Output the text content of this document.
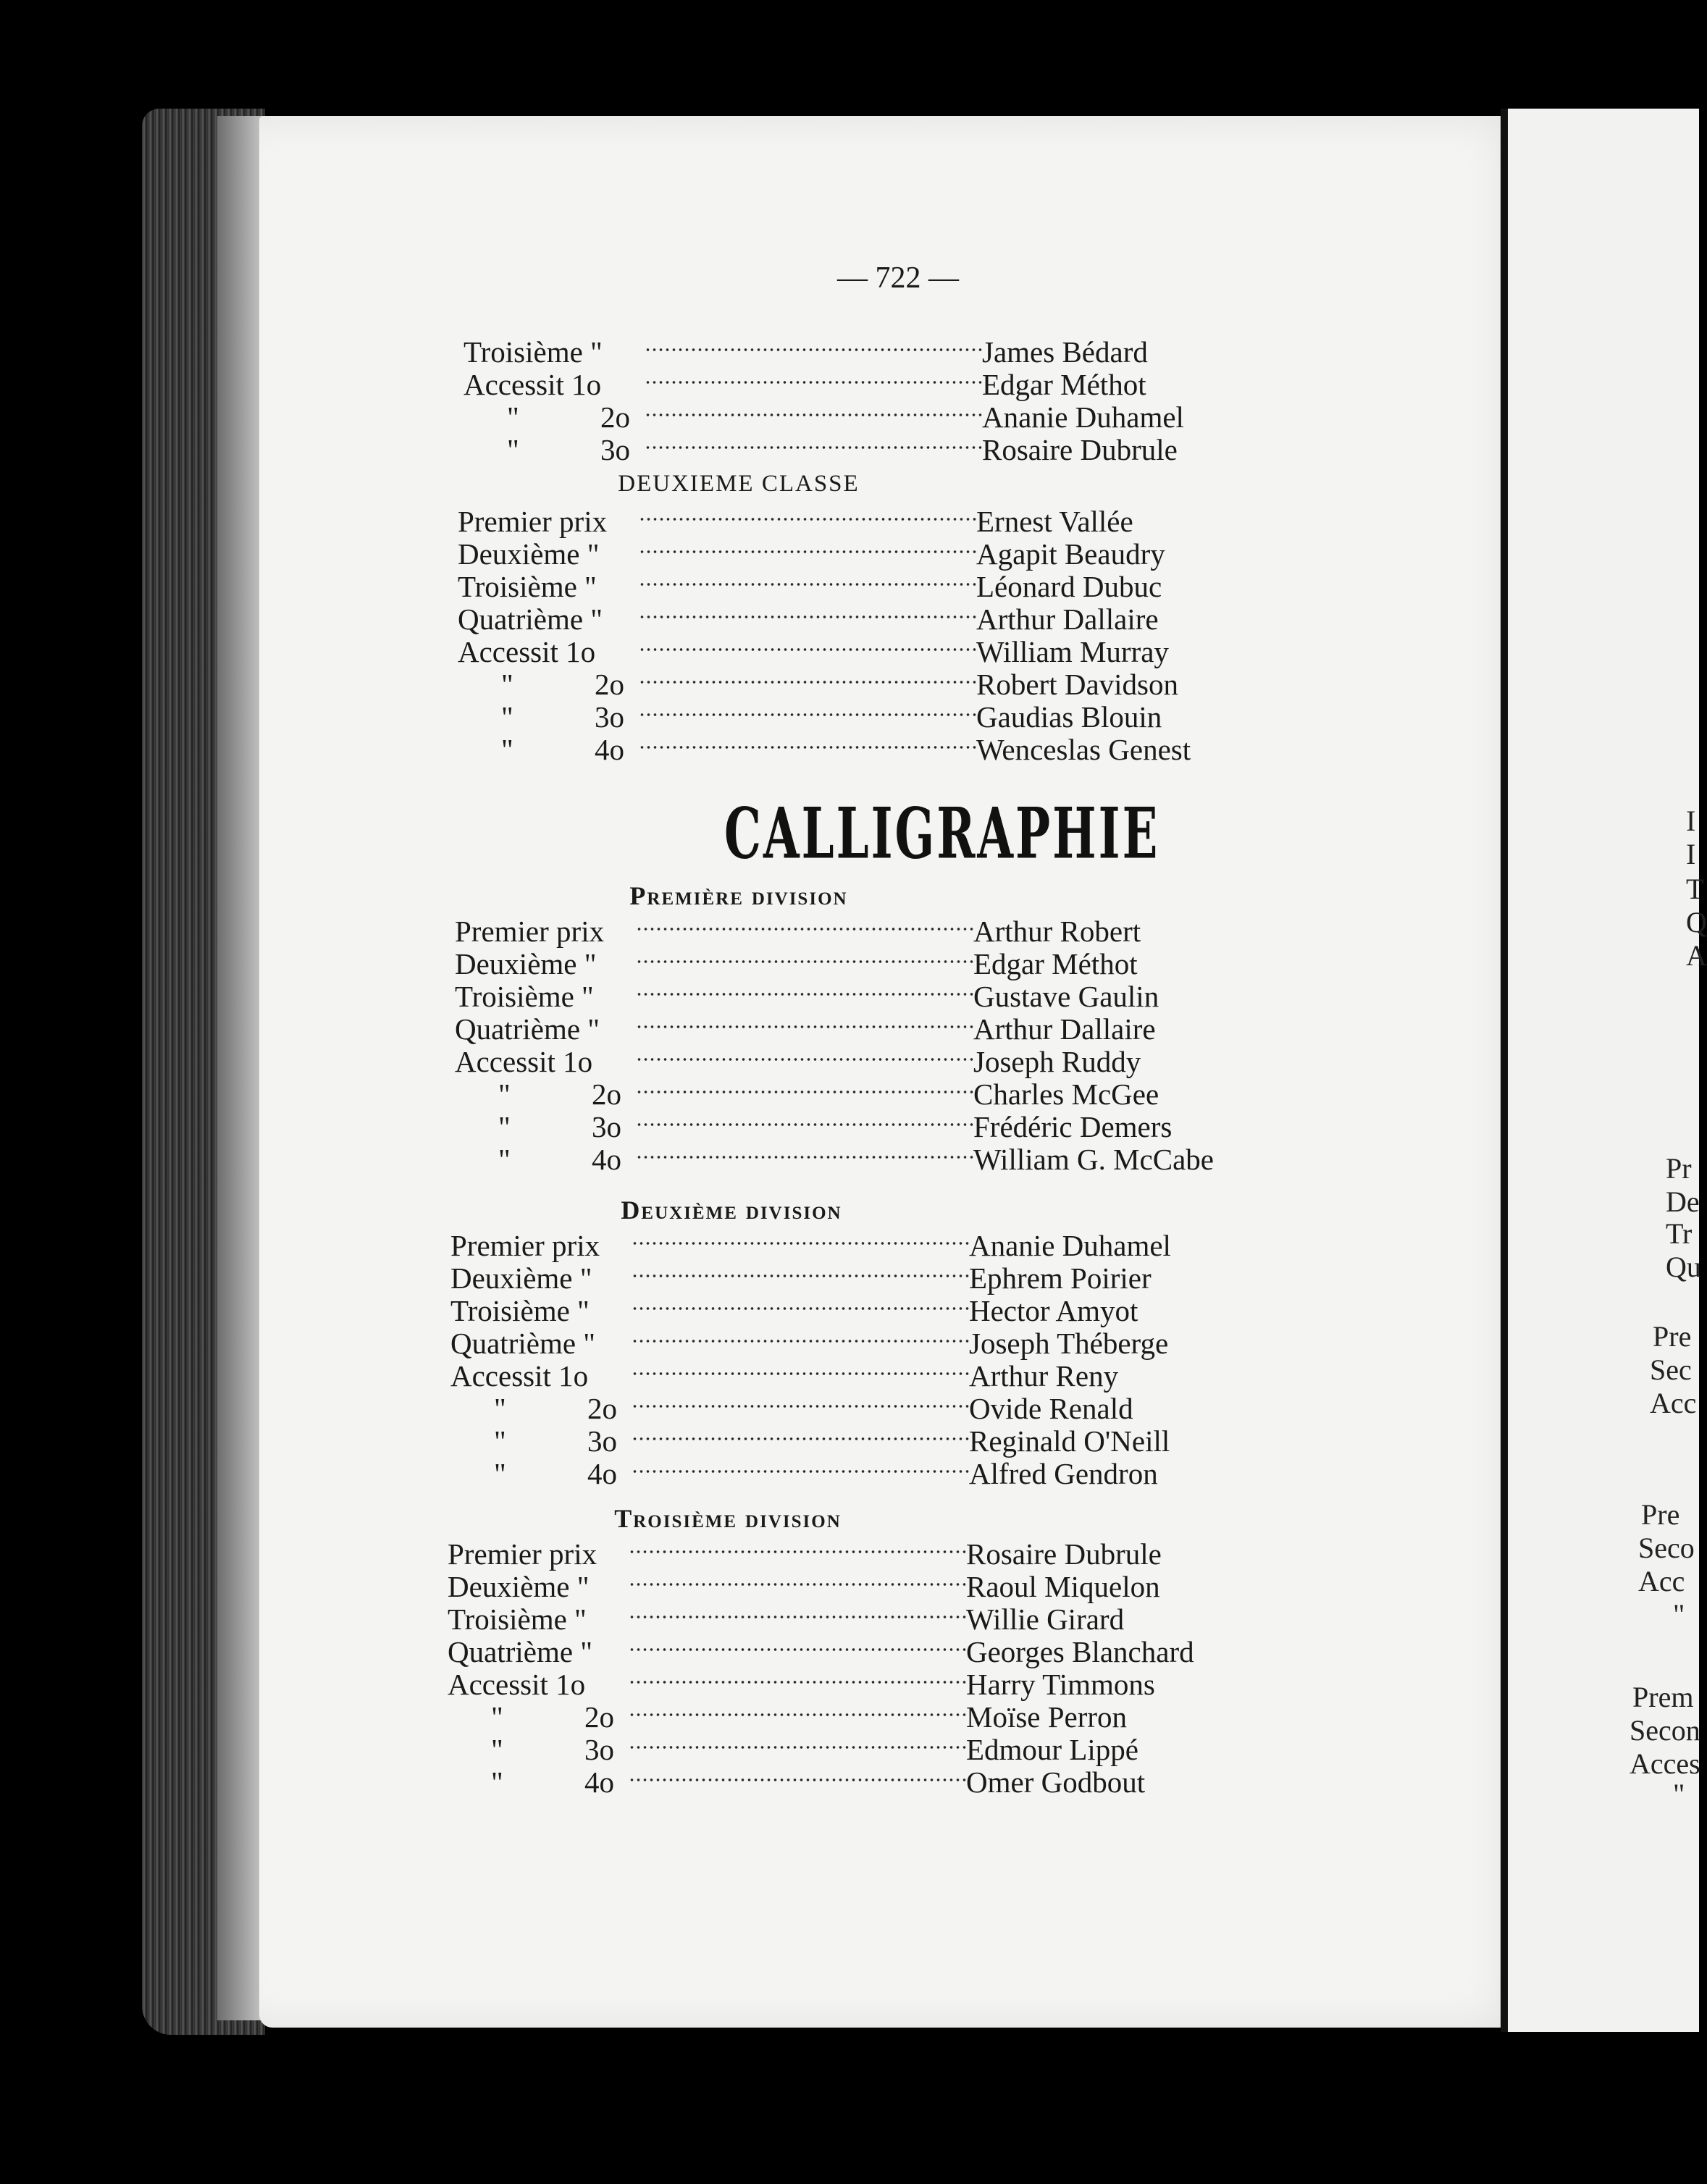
I
I
T
Q
A
Pr
De
Tr
Qu
Pre
Sec
Acc
Pre
Seco
Acc
"
Prem
Secon
Acces
"
— 722 —
CALLIGRAPHIE
Troisième "	James Bédard
Accessit 1o	Edgar Méthot
"	2o	Ananie Duhamel
"	3o	Rosaire Dubrule
DEUXIEME CLASSE
Premier prix	Ernest Vallée
Deuxième "	Agapit Beaudry
Troisième "	Léonard Dubuc
Quatrième "	Arthur Dallaire
Accessit 1o	William Murray
"	2o	Robert Davidson
"	3o	Gaudias Blouin
"	4o	Wenceslas Genest
Première division
Premier prix	Arthur Robert
Deuxième "	Edgar Méthot
Troisième "	Gustave Gaulin
Quatrième "	Arthur Dallaire
Accessit 1o	Joseph Ruddy
"	2o	Charles McGee
"	3o	Frédéric Demers
"	4o	William G. McCabe
Deuxième division
Premier prix	Ananie Duhamel
Deuxième "	Ephrem Poirier
Troisième "	Hector Amyot
Quatrième "	Joseph Théberge
Accessit 1o	Arthur Reny
"	2o	Ovide Renald
"	3o	Reginald O'Neill
"	4o	Alfred Gendron
Troisième division
Premier prix	Rosaire Dubrule
Deuxième "	Raoul Miquelon
Troisième "	Willie Girard
Quatrième "	Georges Blanchard
Accessit 1o	Harry Timmons
"	2o	Moïse Perron
"	3o	Edmour Lippé
"	4o	Omer Godbout
